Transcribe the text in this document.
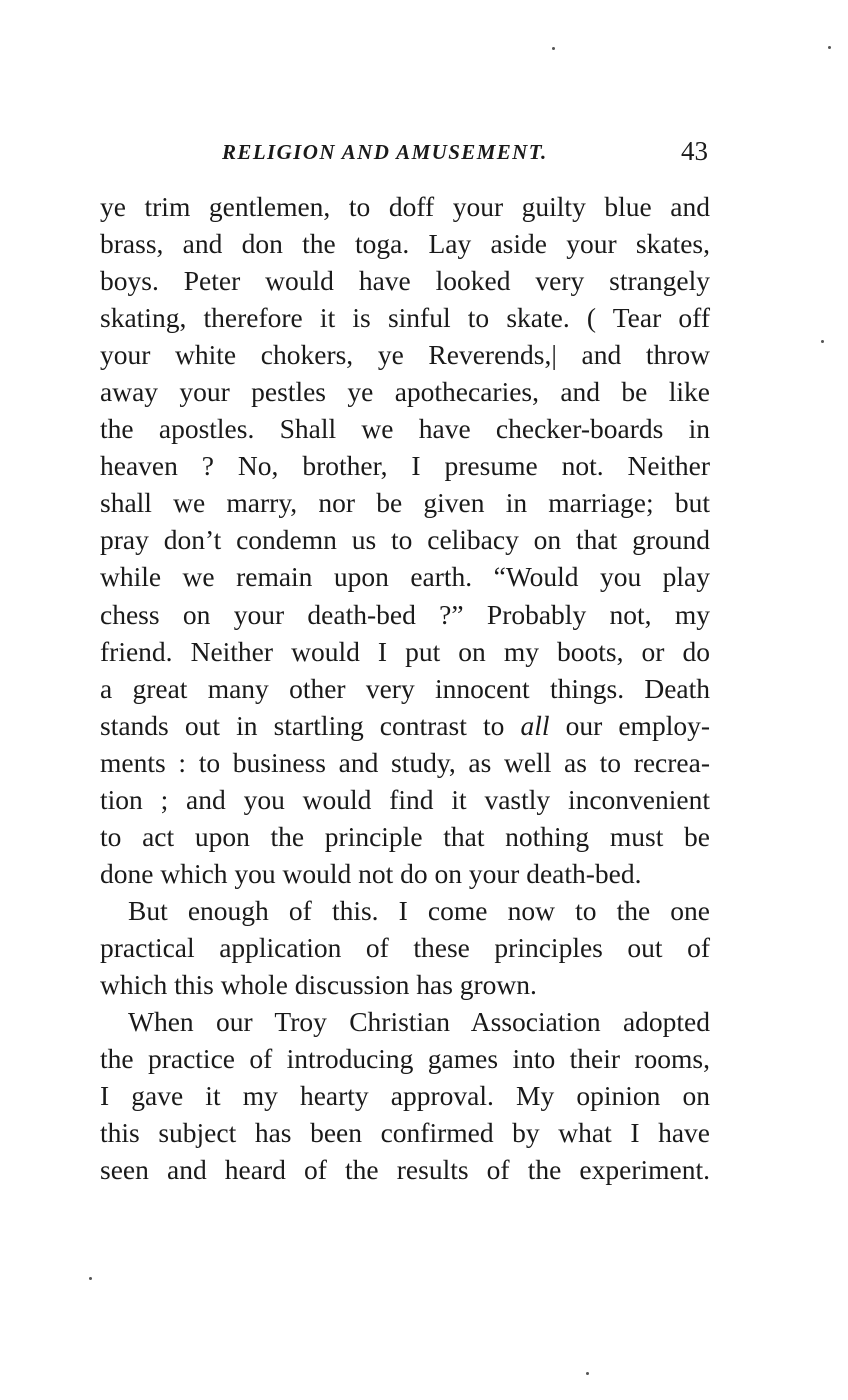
RELIGION AND AMUSEMENT.	43
ye trim gentlemen, to doff your guilty blue and
brass, and don the toga. Lay aside your skates,
boys. Peter would have looked very strangely
skating, therefore it is sinful to skate. ( Tear off
your white chokers, ye Reverends,| and throw
away your pestles ye apothecaries, and be like
the apostles. Shall we have checker-boards in
heaven ? No, brother, I presume not. Neither
shall we marry, nor be given in marriage; but
pray don’t condemn us to celibacy on that ground
while we remain upon earth. “Would you play
chess on your death-bed ?” Probably not, my
friend. Neither would I put on my boots, or do
a great many other very innocent things. Death
stands out in startling contrast to all our employ-
ments : to business and study, as well as to recrea-
tion ; and you would find it vastly inconvenient
to act upon the principle that nothing must be
done which you would not do on your death-bed.
But enough of this. I come now to the one
practical application of these principles out of
which this whole discussion has grown.
When our Troy Christian Association adopted
the practice of introducing games into their rooms,
I gave it my hearty approval. My opinion on
this subject has been confirmed by what I have
seen and heard of the results of the experiment.
